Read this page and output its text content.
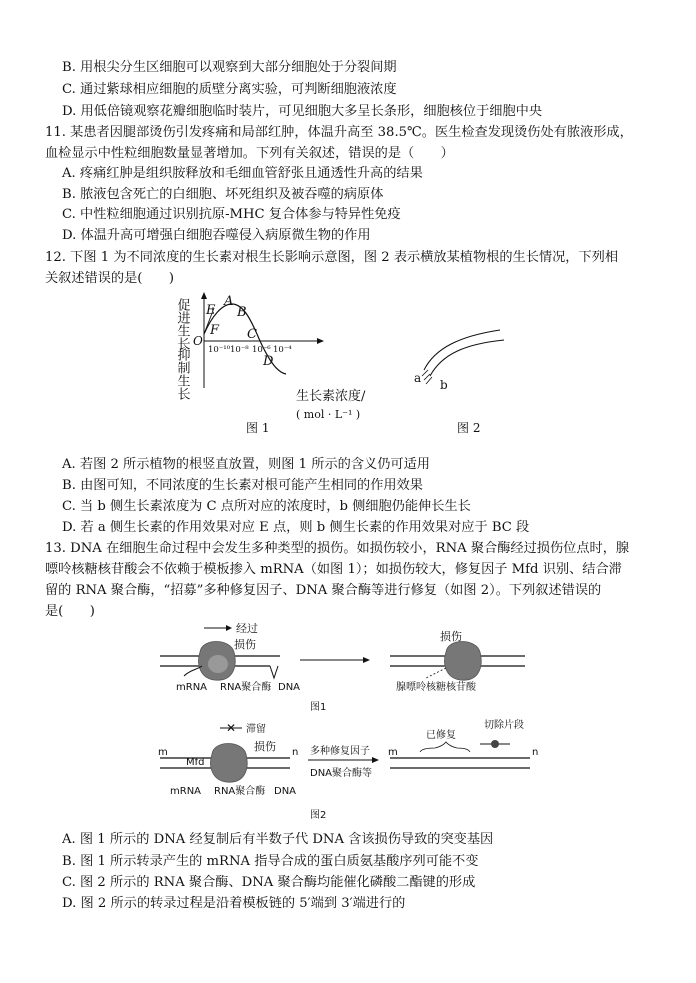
B. 用根尖分生区细胞可以观察到大部分细胞处于分裂间期
C. 通过紫球相应细胞的质壁分离实验，可判断细胞液浓度
D. 用低倍镜观察花瓣细胞临时装片，可见细胞大多呈长条形，细胞核位于细胞中央
11. 某患者因腿部烫伤引发疼痛和局部红肿，体温升高至 38.5℃。医生检查发现烫伤处有脓液形成，
血检显示中性粒细胞数量显著增加。下列有关叙述，错误的是（　　）
A. 疼痛红肿是组织胺释放和毛细血管舒张且通透性升高的结果
B. 脓液包含死亡的白细胞、坏死组织及被吞噬的病原体
C. 中性粒细胞通过识别抗原-MHC 复合体参与特异性免疫
D. 体温升高可增强白细胞吞噬侵入病原微生物的作用
12. 下图 1 为不同浓度的生长素对根生长影响示意图，图 2 表示横放某植物根的生长情况，下列相
关叙述错误的是(　　)
促进生长
抑制生长
O
A
B
C
D
E
F
10⁻¹⁰ 10⁻⁸ 10⁻⁶ 10⁻⁴
生长素浓度/
( mol · L⁻¹ )
图 1
a b
图 2
A. 若图 2 所示植物的根竖直放置，则图 1 所示的含义仍可适用
B. 由图可知，不同浓度的生长素对根可能产生相同的作用效果
C. 当 b 侧生长素浓度为 C 点所对应的浓度时，b 侧细胞仍能伸长生长
D. 若 a 侧生长素的作用效果对应 E 点，则 b 侧生长素的作用效果对应于 BC 段
13. DNA 在细胞生命过程中会发生多种类型的损伤。如损伤较小，RNA 聚合酶经过损伤位点时，腺
嘌呤核糖核苷酸会不依赖于模板掺入 mRNA（如图 1）；如损伤较大，修复因子 Mfd 识别、结合滞
留的 RNA 聚合酶，“招募”多种修复因子、DNA 聚合酶等进行修复（如图 2）。下列叙述错误的
是(　　)
经过
损伤
mRNA RNA聚合酶 DNA
损伤
腺嘌呤核糖核苷酸
图1
✕ 滞留
m	n
Mfd
损伤
mRNA RNA聚合酶 DNA
多种修复因子
DNA聚合酶等
m	n
已修复
切除片段
图2
A. 图 1 所示的 DNA 经复制后有半数子代 DNA 含该损伤导致的突变基因
B. 图 1 所示转录产生的 mRNA 指导合成的蛋白质氨基酸序列可能不变
C. 图 2 所示的 RNA 聚合酶、DNA 聚合酶均能催化磷酸二酯键的形成
D. 图 2 所示的转录过程是沿着模板链的 5′端到 3′端进行的
